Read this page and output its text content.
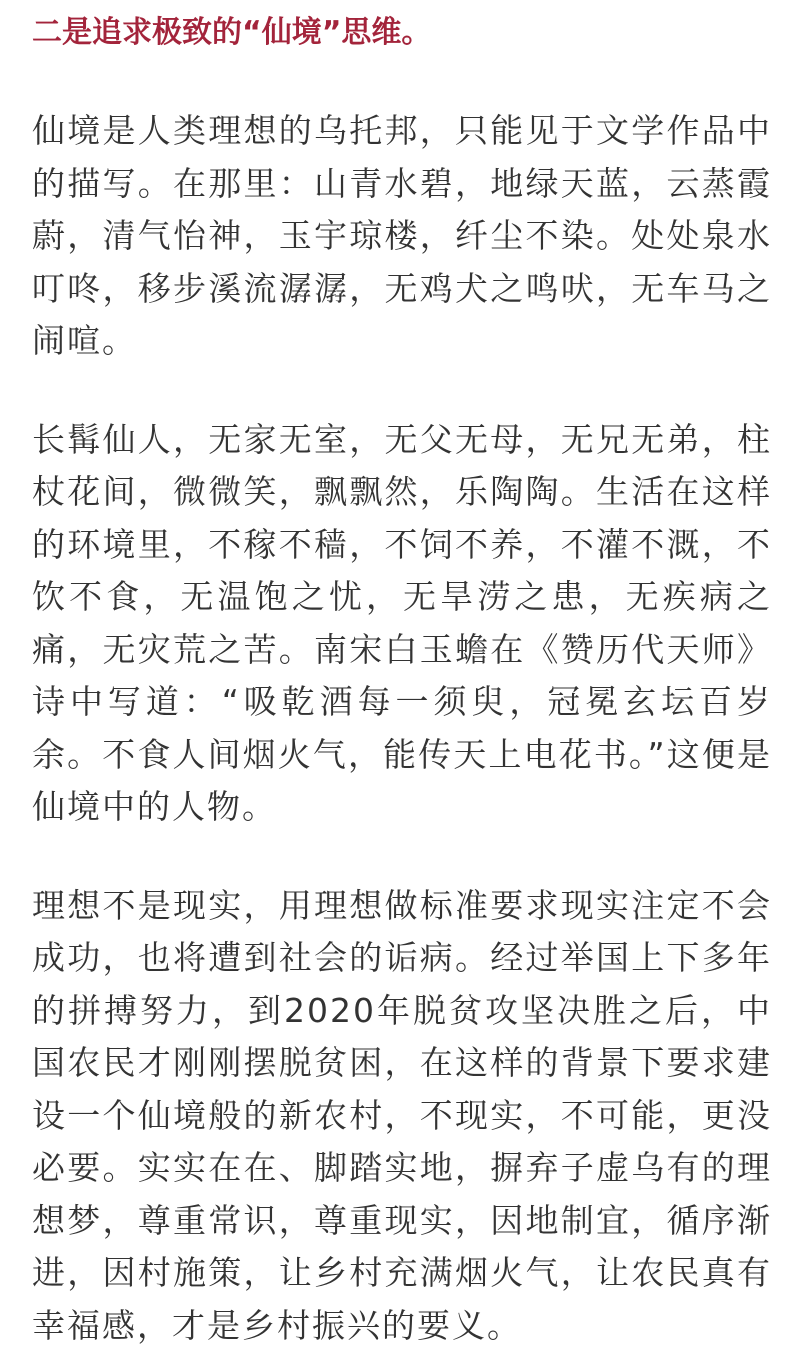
二是追求极致的“仙境”思维。

仙境是人类理想的乌托邦，只能见于文学作品中的描写。在那里：山青水碧，地绿天蓝，云蒸霞蔚，清气怡神，玉宇琼楼，纤尘不染。处处泉水叮咚，移步溪流潺潺，无鸡犬之鸣吠，无车马之闹喧。

长髯仙人，无家无室，无父无母，无兄无弟，柱杖花间，微微笑，飘飘然，乐陶陶。生活在这样的环境里，不稼不穑，不饲不养，不灌不溉，不饮不食，无温饱之忧，无旱涝之患，无疾病之痛，无灾荒之苦。南宋白玉蟾在《赞历代天师》诗中写道：“吸乾酒每一须臾，冠冕玄坛百岁余。不食人间烟火气，能传天上电花书。”这便是仙境中的人物。

理想不是现实，用理想做标准要求现实注定不会成功，也将遭到社会的诟病。经过举国上下多年的拼搏努力，到2020年脱贫攻坚决胜之后，中国农民才刚刚摆脱贫困，在这样的背景下要求建设一个仙境般的新农村，不现实，不可能，更没必要。实实在在、脚踏实地，摒弃子虚乌有的理想梦，尊重常识，尊重现实，因地制宜，循序渐进，因村施策，让乡村充满烟火气，让农民真有幸福感，才是乡村振兴的要义。
